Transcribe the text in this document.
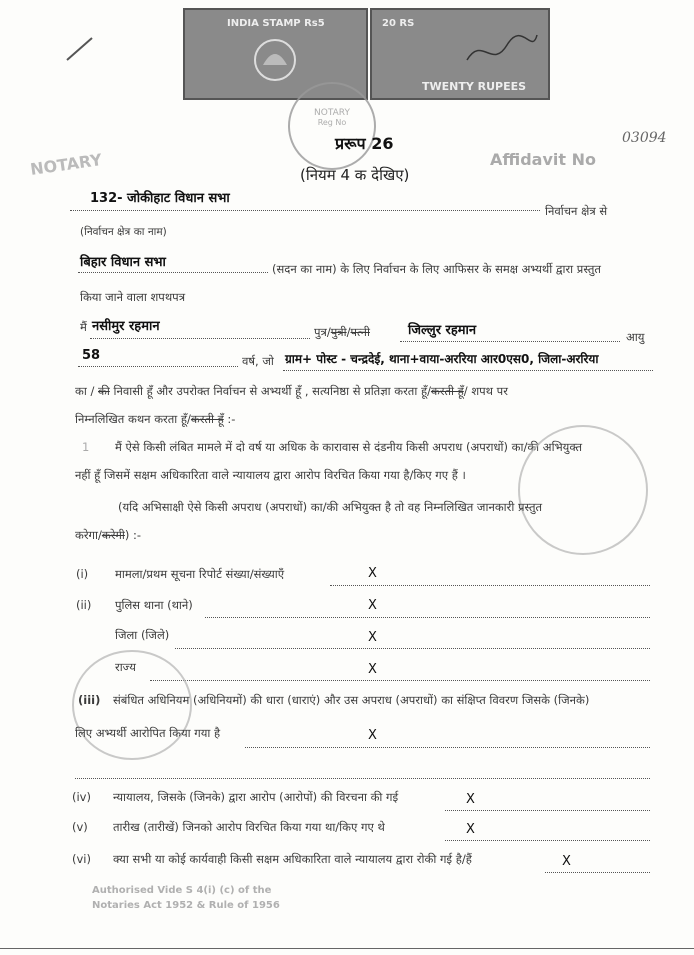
INDIA STAMP Rs5	20 RS
TWENTY RUPEES
NOTARY
Reg No
प्ररूप 26
(नियम 4 क देखिए)
NOTARY	Affidavit No
03094
132- जोकीहाट विधान सभा
निर्वाचन क्षेत्र से
(निर्वाचन क्षेत्र का नाम)
बिहार विधान सभा	(सदन का नाम) के लिए निर्वाचन के लिए आफिसर के समक्ष अभ्यर्थी द्वारा प्रस्तुत
किया जाने वाला शपथपत्र
मैं नसीमुर रहमान	पुत्र/पुत्री/पत्नी	जिल्लुर रहमान	आयु
58	वर्ष, जो ग्राम+ पोस्ट - चन्द्रदेई, थाना+वाया-अररिया आर0एस0, जिला-अररिया
का / की निवासी हूँ और उपरोक्त निर्वाचन से अभ्यर्थी हूँ , सत्यनिष्ठा से प्रतिज्ञा करता हूँ/करती हूँ/ शपथ पर
निम्नलिखित कथन करता हूँ/करती हूँ :-
1 मैं ऐसे किसी लंबित मामले में दो वर्ष या अधिक के कारावास से दंडनीय किसी अपराध (अपराधों) का/की अभियुक्त
नहीं हूँ जिसमें सक्षम अधिकारिता वाले न्यायालय द्वारा आरोप विरचित किया गया है/किए गए हैं ।
(यदि अभिसाक्षी ऐसे किसी अपराध (अपराधों) का/की अभियुक्त है तो वह निम्नलिखित जानकारी प्रस्तुत
करेगा/करेगी) :-
(i) मामला/प्रथम सूचना रिपोर्ट संख्या/संख्याएँ	X
(ii) पुलिस थाना (थाने)	X
जिला (जिले)	X
राज्य	X
(iii) संबंधित अधिनियम (अधिनियमों) की धारा (धाराएं) और उस अपराध (अपराधों) का संक्षिप्त विवरण जिसके (जिनके)
लिए अभ्यर्थी आरोपित किया गया है	X
(iv) न्यायालय, जिसके (जिनके) द्वारा आरोप (आरोपों) की विरचना की गई	X
(v) तारीख (तारीखें) जिनको आरोप विरचित किया गया था/किए गए थे	X
(vi) क्या सभी या कोई कार्यवाही किसी सक्षम अधिकारिता वाले न्यायालय द्वारा रोकी गई है/हैं	X
Authorised Vide S 4(i) (c) of the
Notaries Act 1952 & Rule of 1956
